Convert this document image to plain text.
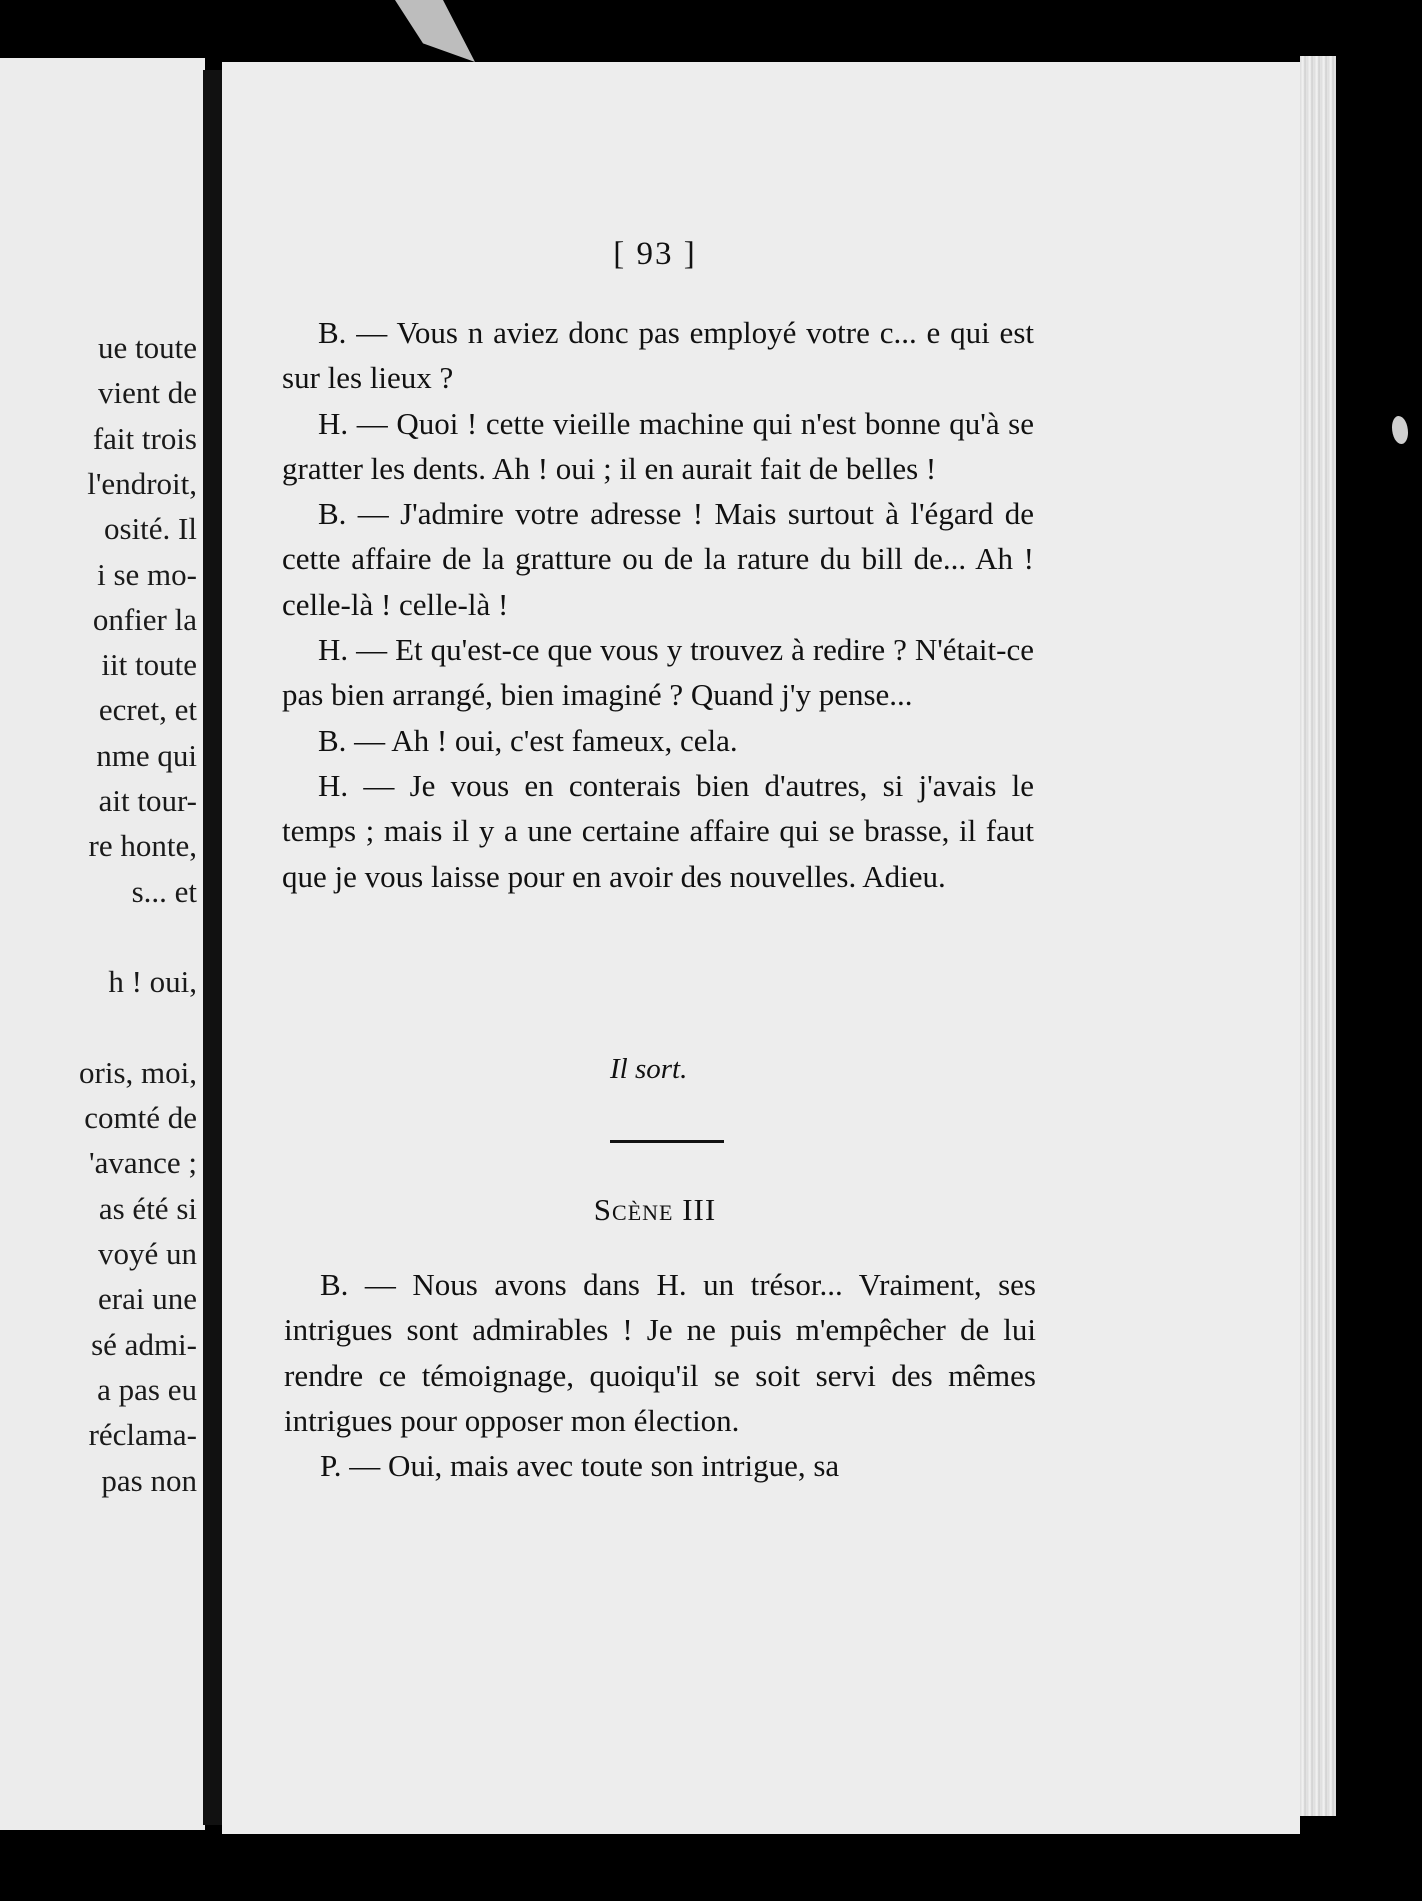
ue toute
vient de
fait trois
l'endroit,
osité. Il
i se mo-
onfier la
iit toute
ecret, et
nme qui
ait tour-
re honte,
s... et
h ! oui,
oris, moi,
comté de
'avance ;
as été si
voyé un
erai une
sé admi-
a pas eu
réclama-
pas non
[ 93 ]

B. — Vous n aviez donc pas employé votre c... e qui est sur les lieux ?

H. — Quoi ! cette vieille machine qui n'est bonne qu'à se gratter les dents. Ah ! oui ; il en aurait fait de belles !

B. — J'admire votre adresse ! Mais surtout à l'égard de cette affaire de la gratture ou de la rature du bill de... Ah ! celle-là ! celle-là !

H. — Et qu'est-ce que vous y trouvez à redire ? N'était-ce pas bien arrangé, bien imaginé ? Quand j'y pense...

B. — Ah ! oui, c'est fameux, cela.

H. — Je vous en conterais bien d'autres, si j'avais le temps ; mais il y a une certaine affaire qui se brasse, il faut que je vous laisse pour en avoir des nouvelles. Adieu.

Il sort.
Scène III

B. — Nous avons dans H. un trésor... Vraiment, ses intrigues sont admirables ! Je ne puis m'empêcher de lui rendre ce témoignage, quoiqu'il se soit servi des mêmes intrigues pour opposer mon élection.

P. — Oui, mais avec toute son intrigue, sa
